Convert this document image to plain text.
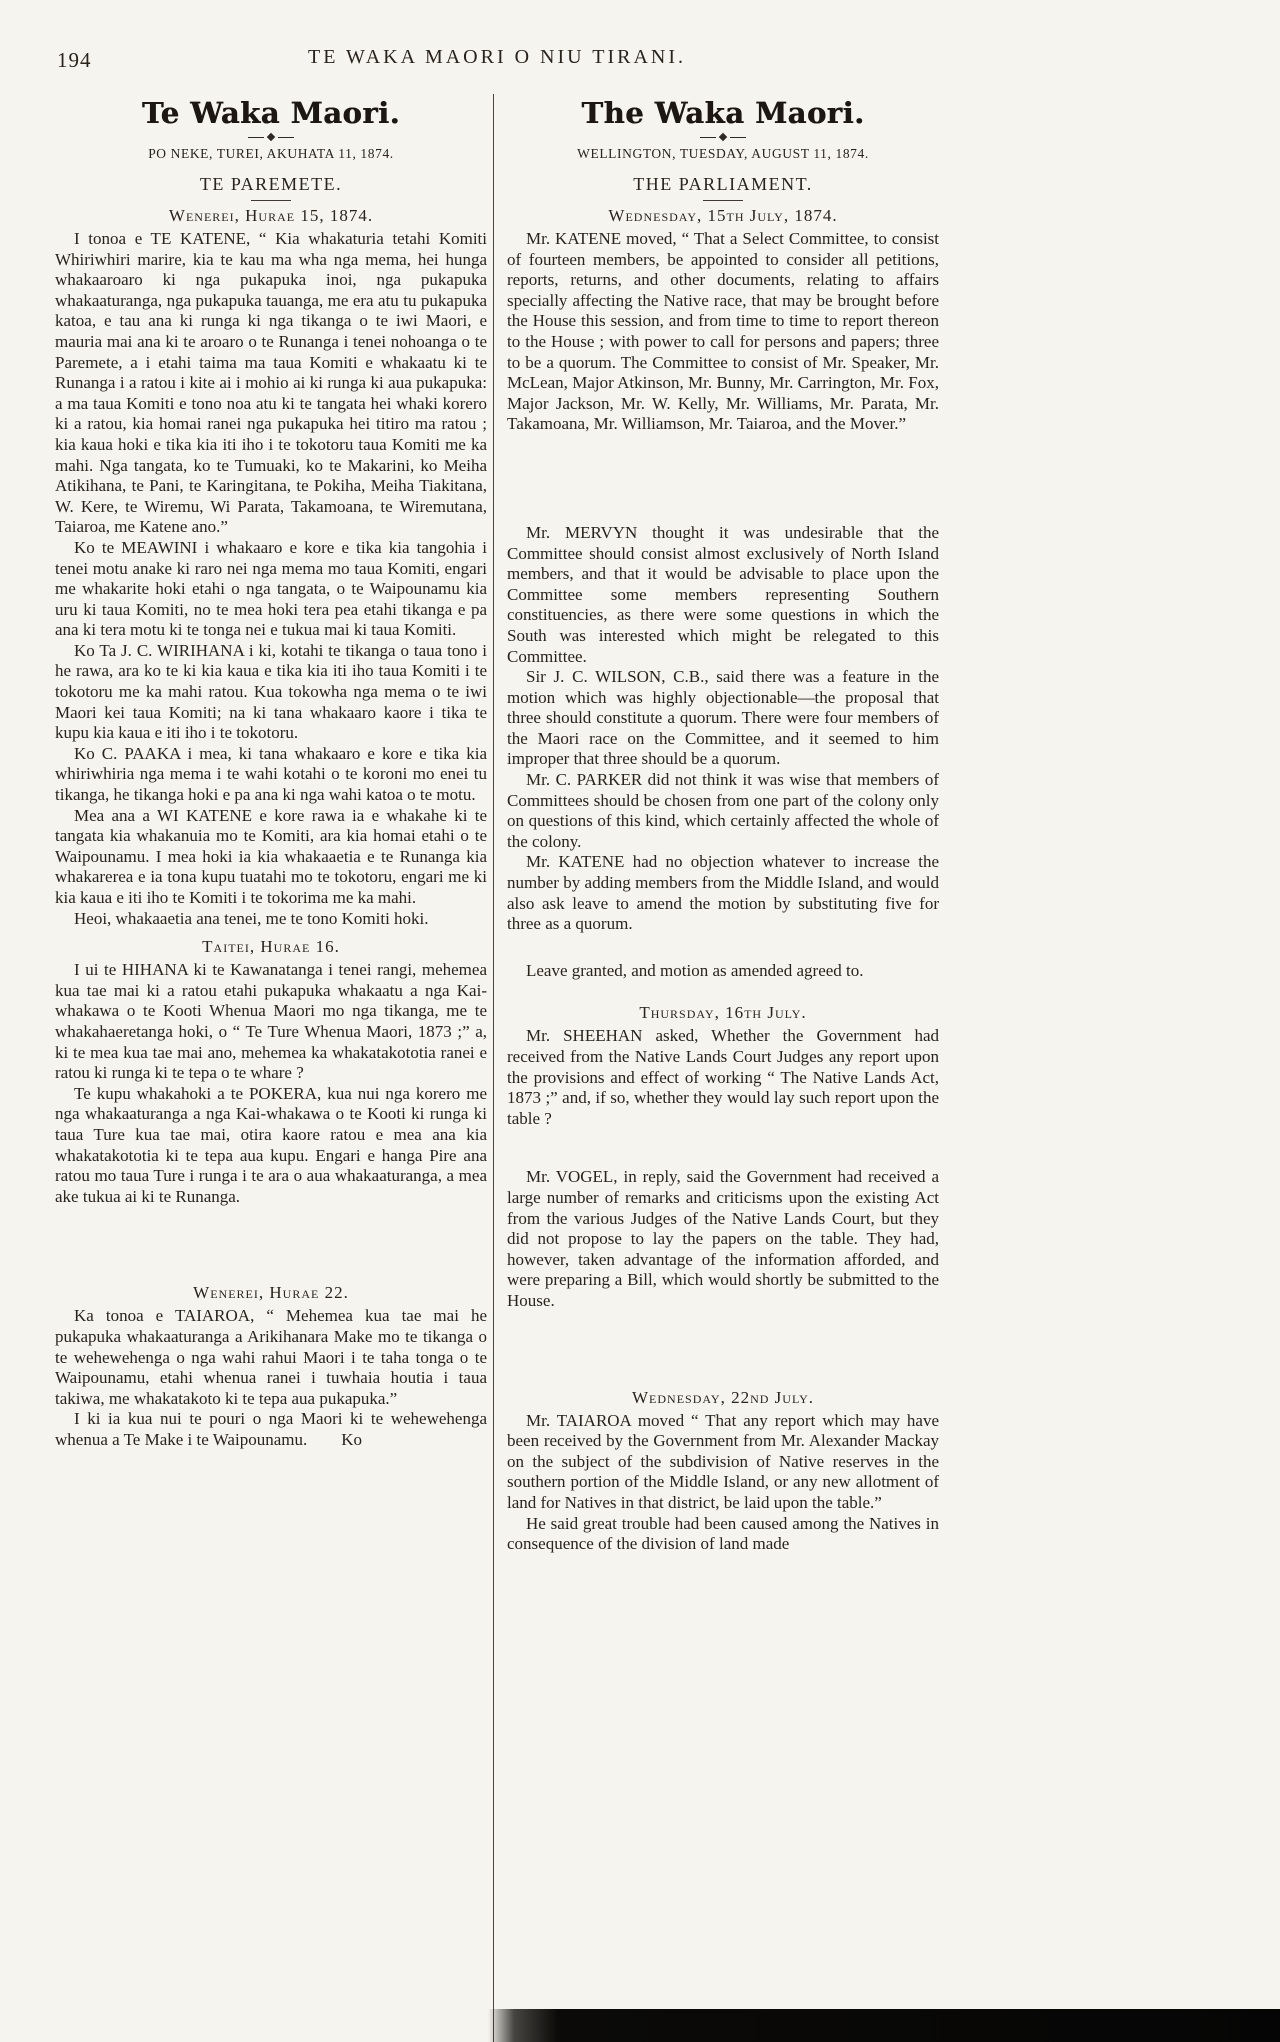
194	TE WAKA MAORI O NIU TIRANI.
Te Waka Maori.
PO NEKE, TUREI, AKUHATA 11, 1874.
TE PAREMETE.
Wenerei, Hurae 15, 1874.

I tonoa e TE KATENE, “ Kia whakaturia tetahi Komiti Whiriwhiri marire, kia te kau ma wha nga mema, hei hunga whakaaroaro ki nga pukapuka inoi, nga pukapuka whakaaturanga, nga pukapuka tauanga, me era atu tu pukapuka katoa, e tau ana ki runga ki nga tikanga o te iwi Maori, e mauria mai ana ki te aroaro o te Runanga i tenei nohoanga o te Paremete, a i etahi taima ma taua Komiti e whakaatu ki te Runanga i a ratou i kite ai i mohio ai ki runga ki aua pukapuka: a ma taua Komiti e tono noa atu ki te tangata hei whaki korero ki a ratou, kia homai ranei nga pukapuka hei titiro ma ratou ; kia kaua hoki e tika kia iti iho i te tokotoru taua Komiti me ka mahi. Nga tangata, ko te Tumuaki, ko te Makarini, ko Meiha Atikihana, te Pani, te Karingitana, te Pokiha, Meiha Tiakitana, W. Kere, te Wiremu, Wi Parata, Takamoana, te Wiremutana, Taiaroa, me Katene ano.”

Ko te MEAWINI i whakaaro e kore e tika kia tangohia i tenei motu anake ki raro nei nga mema mo taua Komiti, engari me whakarite hoki etahi o nga tangata, o te Waipounamu kia uru ki taua Komiti, no te mea hoki tera pea etahi tikanga e pa ana ki tera motu ki te tonga nei e tukua mai ki taua Komiti.

Ko Ta J. C. WIRIHANA i ki, kotahi te tikanga o taua tono i he rawa, ara ko te ki kia kaua e tika kia iti iho taua Komiti i te tokotoru me ka mahi ratou. Kua tokowha nga mema o te iwi Maori kei taua Komiti; na ki tana whakaaro kaore i tika te kupu kia kaua e iti iho i te tokotoru.

Ko C. PAAKA i mea, ki tana whakaaro e kore e tika kia whiriwhiria nga mema i te wahi kotahi o te koroni mo enei tu tikanga, he tikanga hoki e pa ana ki nga wahi katoa o te motu.

Mea ana a WI KATENE e kore rawa ia e whakahe ki te tangata kia whakanuia mo te Komiti, ara kia homai etahi o te Waipounamu. I mea hoki ia kia whakaaetia e te Runanga kia whakarerea e ia tona kupu tuatahi mo te tokotoru, engari me ki kia kaua e iti iho te Komiti i te tokorima me ka mahi.

Heoi, whakaaetia ana tenei, me te tono Komiti hoki.

Taitei, Hurae 16.

I ui te HIHANA ki te Kawanatanga i tenei rangi, mehemea kua tae mai ki a ratou etahi pukapuka whakaatu a nga Kai-whakawa o te Kooti Whenua Maori mo nga tikanga, me te whakahaeretanga hoki, o “ Te Ture Whenua Maori, 1873 ;” a, ki te mea kua tae mai ano, mehemea ka whakatakototia ranei e ratou ki runga ki te tepa o te whare ?

Te kupu whakahoki a te POKERA, kua nui nga korero me nga whakaaturanga a nga Kai-whakawa o te Kooti ki runga ki taua Ture kua tae mai, otira kaore ratou e mea ana kia whakatakototia ki te tepa aua kupu. Engari e hanga Pire ana ratou mo taua Ture i runga i te ara o aua whakaaturanga, a mea ake tukua ai ki te Runanga.

Wenerei, Hurae 22.

Ka tonoa e TAIAROA, “ Mehemea kua tae mai he pukapuka whakaaturanga a Arikihanara Make mo te tikanga o te wehewehenga o nga wahi rahui Maori i te taha tonga o te Waipounamu, etahi whenua ranei i tuwhaia houtia i taua takiwa, me whakatakoto ki te tepa aua pukapuka.”

I ki ia kua nui te pouri o nga Maori ki te wehewehenga whenua a Te Make i te Waipounamu.  Ko

The Waka Maori.
WELLINGTON, TUESDAY, AUGUST 11, 1874.
THE PARLIAMENT.
Wednesday, 15th July, 1874.

Mr. KATENE moved, “ That a Select Committee, to consist of fourteen members, be appointed to consider all petitions, reports, returns, and other documents, relating to affairs specially affecting the Native race, that may be brought before the House this session, and from time to time to report thereon to the House ; with power to call for persons and papers; three to be a quorum. The Committee to consist of Mr. Speaker, Mr. McLean, Major Atkinson, Mr. Bunny, Mr. Carrington, Mr. Fox, Major Jackson, Mr. W. Kelly, Mr. Williams, Mr. Parata, Mr. Takamoana, Mr. Williamson, Mr. Taiaroa, and the Mover.”

Mr. MERVYN thought it was undesirable that the Committee should consist almost exclusively of North Island members, and that it would be advisable to place upon the Committee some members representing Southern constituencies, as there were some questions in which the South was interested which might be relegated to this Committee.

Sir J. C. WILSON, C.B., said there was a feature in the motion which was highly objectionable—the proposal that three should constitute a quorum. There were four members of the Maori race on the Committee, and it seemed to him improper that three should be a quorum.

Mr. C. PARKER did not think it was wise that members of Committees should be chosen from one part of the colony only on questions of this kind, which certainly affected the whole of the colony.

Mr. KATENE had no objection whatever to increase the number by adding members from the Middle Island, and would also ask leave to amend the motion by substituting five for three as a quorum.

Leave granted, and motion as amended agreed to.

Thursday, 16th July.

Mr. SHEEHAN asked, Whether the Government had received from the Native Lands Court Judges any report upon the provisions and effect of working “ The Native Lands Act, 1873 ;” and, if so, whether they would lay such report upon the table ?

Mr. VOGEL, in reply, said the Government had received a large number of remarks and criticisms upon the existing Act from the various Judges of the Native Lands Court, but they did not propose to lay the papers on the table. They had, however, taken advantage of the information afforded, and were preparing a Bill, which would shortly be submitted to the House.

Wednesday, 22nd July.

Mr. TAIAROA moved “ That any report which may have been received by the Government from Mr. Alexander Mackay on the subject of the subdivision of Native reserves in the southern portion of the Middle Island, or any new allotment of land for Natives in that district, be laid upon the table.”

He said great trouble had been caused among the Natives in consequence of the division of land made
